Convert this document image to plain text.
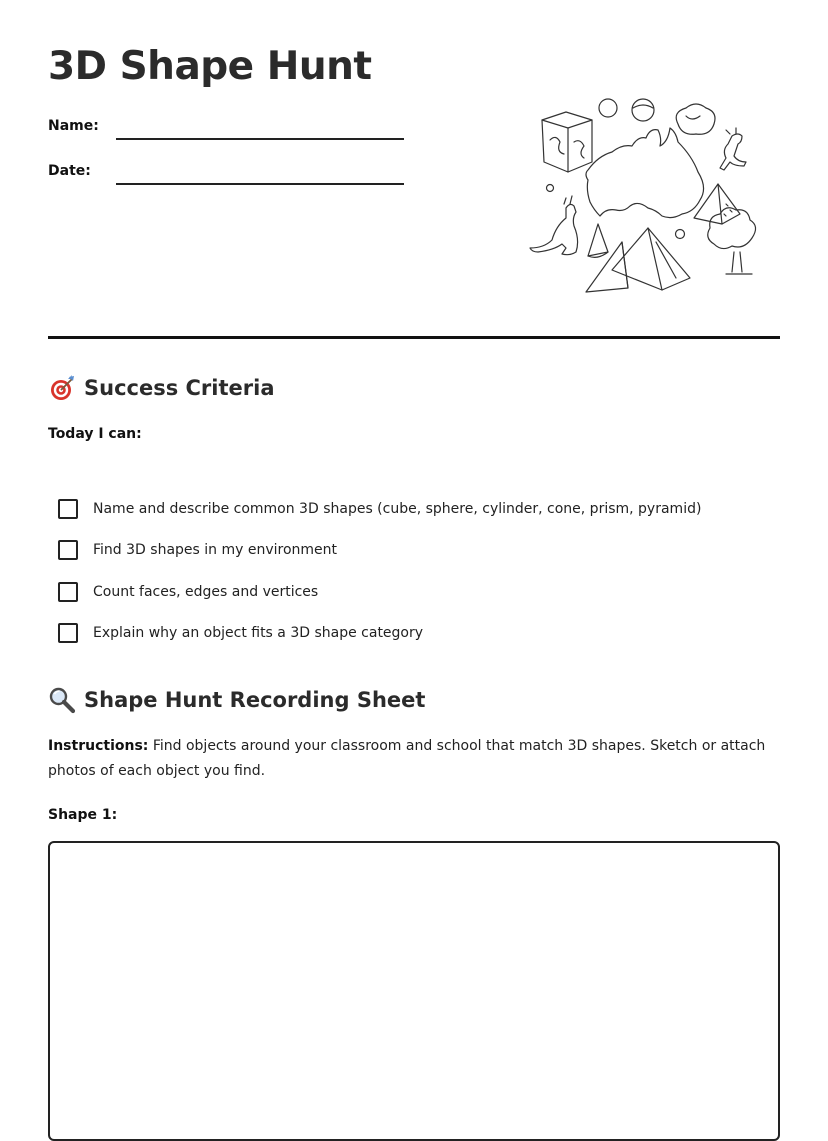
3D Shape Hunt
Name:
Date:
Success Criteria
Today I can:
Name and describe common 3D shapes (cube, sphere, cylinder, cone, prism, pyramid)
Find 3D shapes in my environment
Count faces, edges and vertices
Explain why an object fits a 3D shape category
Shape Hunt Recording Sheet

Instructions: Find objects around your classroom and school that match 3D shapes. Sketch or attach photos of each object you find.

Shape 1:
